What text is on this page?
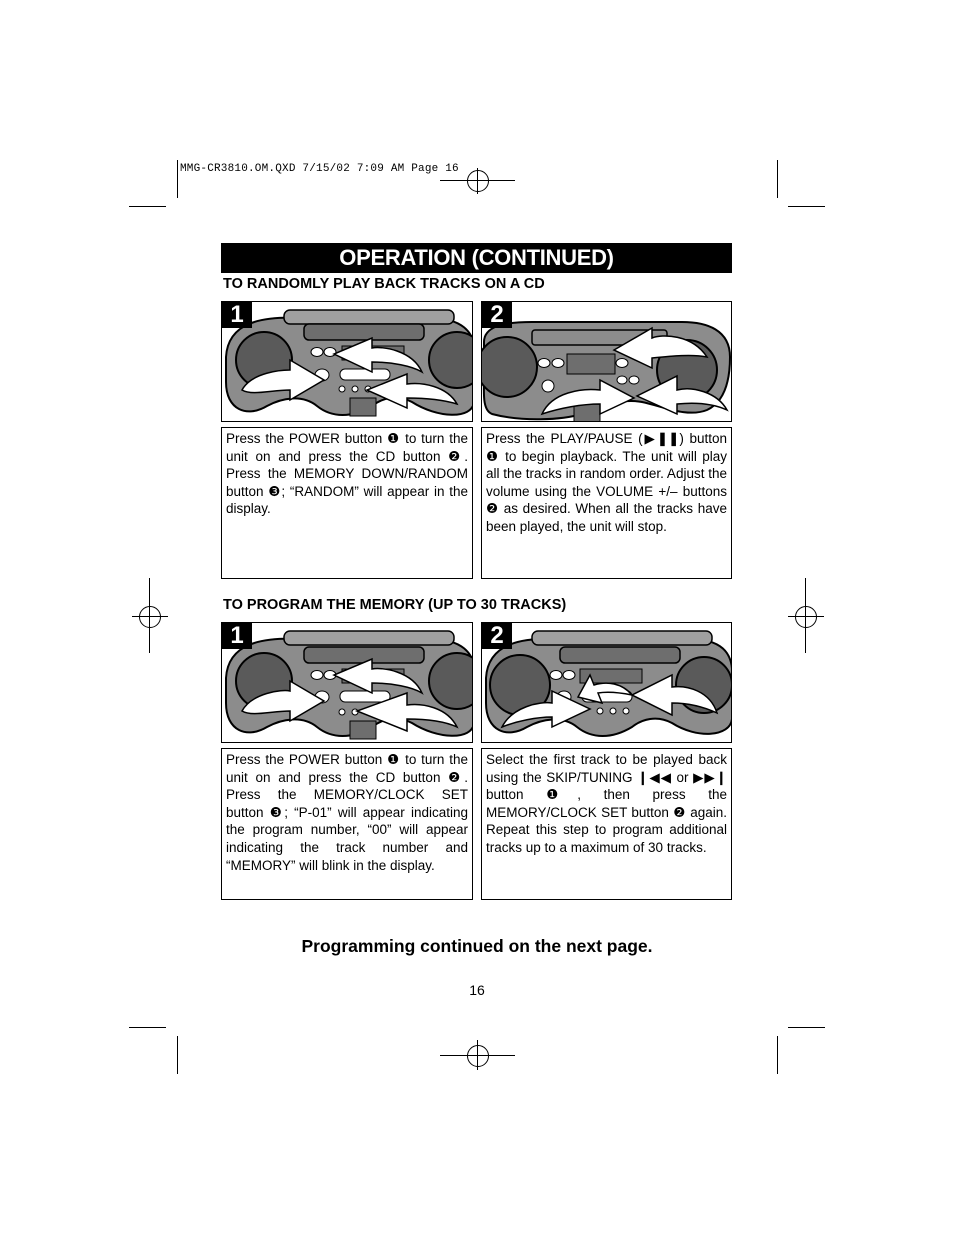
MMG-CR3810.OM.QXD 7/15/02 7:09 AM Page 16
OPERATION (CONTINUED)
TO RANDOMLY PLAY BACK TRACKS ON A CD
1	2
Press the POWER button ❶ to turn the unit on and press the CD button ❷. Press the MEMORY DOWN/RANDOM button ❸; “RANDOM” will appear in the display.
Press the PLAY/PAUSE (▶❚❚) button ❶ to begin playback. The unit will play all the tracks in random order. Adjust the volume using the VOLUME +/– buttons ❷ as desired. When all the tracks have been played, the unit will stop.
TO PROGRAM THE MEMORY (UP TO 30 TRACKS)
1	2
Press the POWER button ❶ to turn the unit on and press the CD button ❷. Press the MEMORY/CLOCK SET button ❸; “P-01” will appear indicating the program number, “00” will appear indicating the track number and “MEMORY” will blink in the display.
Select the first track to be played back using the SKIP/TUNING ❙◀◀ or ▶▶❙ button ❶, then press the MEMORY/CLOCK SET button ❷ again. Repeat this step to program additional tracks up to a maximum of 30 tracks.
Programming continued on the next page.
16
